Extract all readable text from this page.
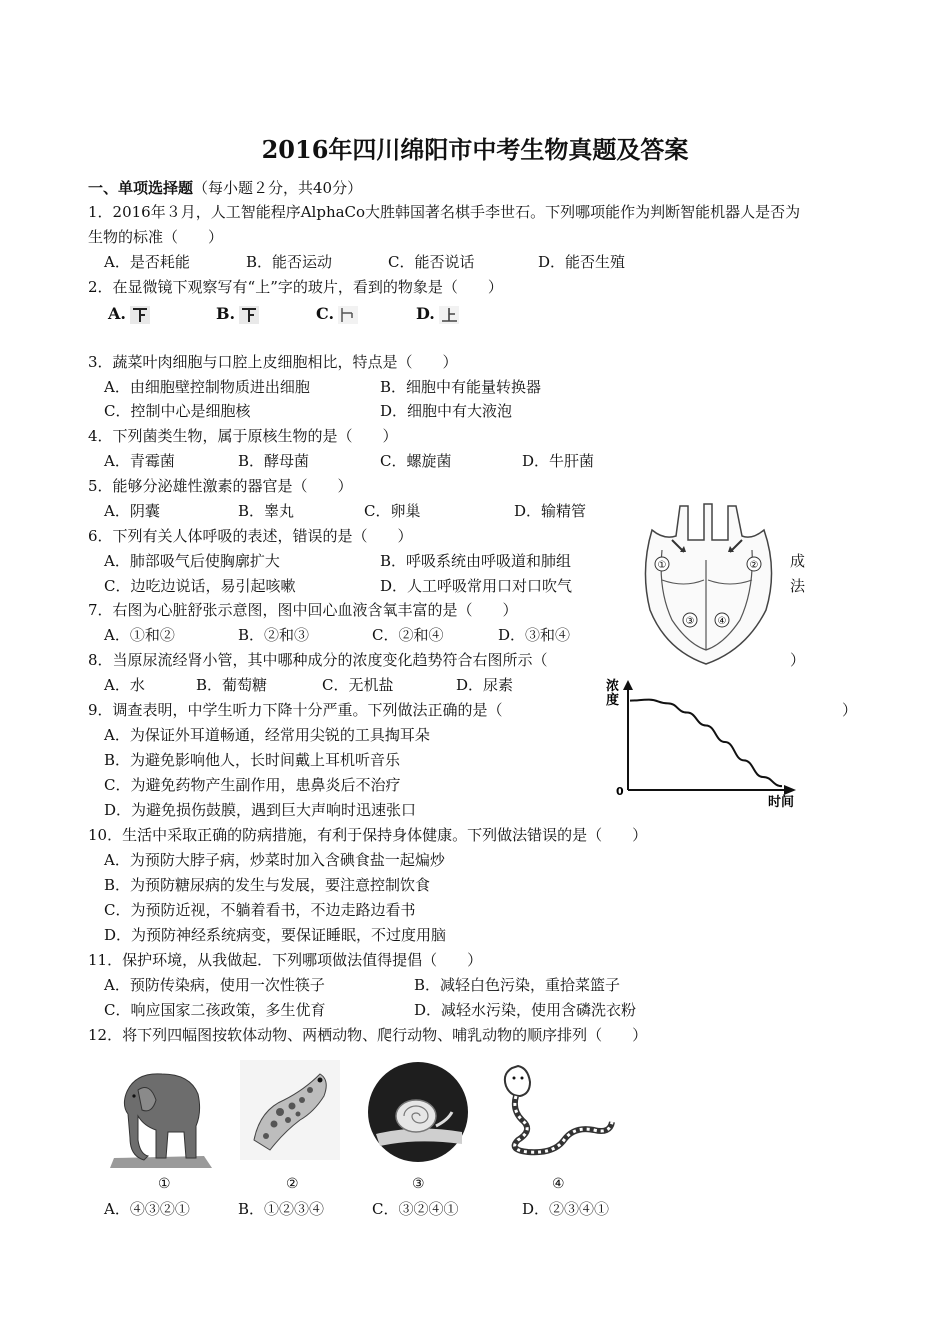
2016年四川绵阳市中考生物真题及答案
一、单项选择题（每小题２分，共40分）
1．2016年３月，人工智能程序AlphaCo大胜韩国著名棋手李世石。下列哪项能作为判断智能机器人是否为
生物的标准（　　）
A．是否耗能	B．能否运动	C．能否说话	D．能否生殖
2．在显微镜下观察写有“上”字的玻片，看到的物象是（　　）
A.	B.	C.	D.
3．蔬菜叶肉细胞与口腔上皮细胞相比，特点是（　　）
A．由细胞壁控制物质进出细胞	B．细胞中有能量转换器
C．控制中心是细胞核	D．细胞中有大液泡
4．下列菌类生物，属于原核生物的是（　　）
A．青霉菌	B．酵母菌	C．螺旋菌	D．牛肝菌
5．能够分泌雄性激素的器官是（　　）
A．阴囊	B．睾丸	C．卵巢	D．输精管
6．下列有关人体呼吸的表述，错误的是（　　）
A．肺部吸气后使胸廓扩大	B．呼吸系统由呼吸道和肺组	成
C．边吃边说话，易引起咳嗽	D．人工呼吸常用口对口吹气	法
7．右图为心脏舒张示意图，图中回心血液含氧丰富的是（　　）
A．①和②	B．②和③	C．②和④	D．③和④
8．当原尿流经肾小管，其中哪种成分的浓度变化趋势符合右图所示（	）
A．水	B．葡萄糖	C．无机盐	D．尿素
9．调查表明，中学生听力下降十分严重。下列做法正确的是（	）
A．为保证外耳道畅通，经常用尖锐的工具掏耳朵
B．为避免影响他人，长时间戴上耳机听音乐
C．为避免药物产生副作用，患鼻炎后不治疗
D．为避免损伤鼓膜，遇到巨大声响时迅速张口
10．生活中采取正确的防病措施，有利于保持身体健康。下列做法错误的是（　　）
A．为预防大脖子病，炒菜时加入含碘食盐一起煸炒
B．为预防糖尿病的发生与发展，要注意控制饮食
C．为预防近视，不躺着看书，不边走路边看书
D．为预防神经系统病变，要保证睡眠，不过度用脑
11．保护环境，从我做起．下列哪项做法值得提倡（　　）
A．预防传染病，使用一次性筷子	B．减轻白色污染，重拾菜篮子
C．响应国家二孩政策，多生优育	D．减轻水污染，使用含磷洗衣粉
12．将下列四幅图按软体动物、两栖动物、爬行动物、哺乳动物的顺序排列（　　）
①	②	③	④
A．④③②①	B．①②③④	C．③②④①	D．②③④①
①	②
③ ④
浓
度
0
时间
